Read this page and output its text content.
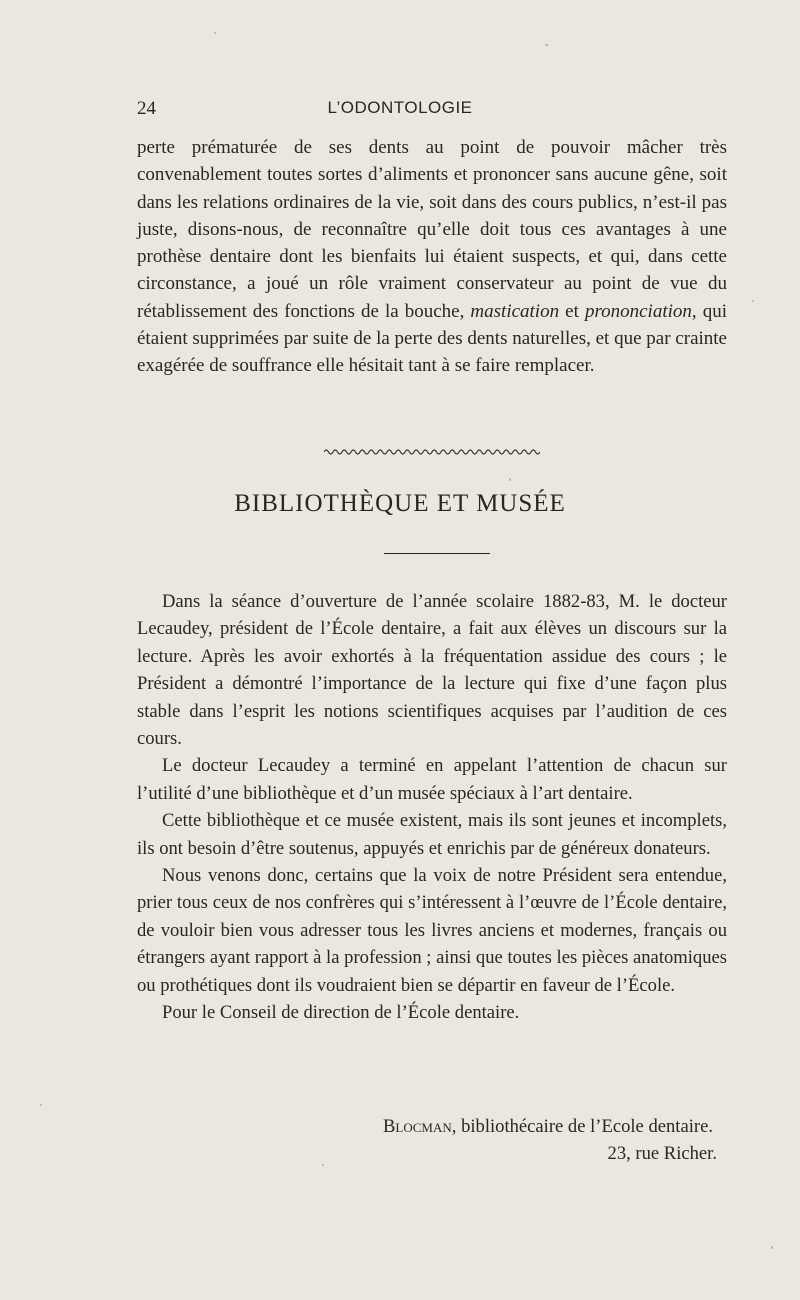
24	L’ODONTOLOGIE

perte prématurée de ses dents au point de pouvoir mâcher très convenablement toutes sortes d’aliments et prononcer sans aucune gêne, soit dans les relations ordinaires de la vie, soit dans des cours publics, n’est-il pas juste, disons-nous, de reconnaître qu’elle doit tous ces avantages à une prothèse dentaire dont les bienfaits lui étaient suspects, et qui, dans cette circonstance, a joué un rôle vraiment conservateur au point de vue du rétablissement des fonctions de la bouche, mastication et prononciation, qui étaient supprimées par suite de la perte des dents naturelles, et que par crainte exagérée de souffrance elle hésitait tant à se faire remplacer.

BIBLIOTHÈQUE ET MUSÉE

Dans la séance d’ouverture de l’année scolaire 1882-83, M. le docteur Lecaudey, président de l’École dentaire, a fait aux élèves un discours sur la lecture. Après les avoir exhortés à la fréquentation assidue des cours ; le Président a démontré l’importance de la lecture qui fixe d’une façon plus stable dans l’esprit les notions scientifiques acquises par l’audition de ces cours.

Le docteur Lecaudey a terminé en appelant l’attention de chacun sur l’utilité d’une bibliothèque et d’un musée spéciaux à l’art dentaire.

Cette bibliothèque et ce musée existent, mais ils sont jeunes et incomplets, ils ont besoin d’être soutenus, appuyés et enrichis par de généreux donateurs.

Nous venons donc, certains que la voix de notre Président sera entendue, prier tous ceux de nos confrères qui s’intéressent à l’œuvre de l’École dentaire, de vouloir bien vous adresser tous les livres anciens et modernes, français ou étrangers ayant rapport à la profession ; ainsi que toutes les pièces anatomiques ou prothétiques dont ils voudraient bien se départir en faveur de l’École.

Pour le Conseil de direction de l’École dentaire.

Blocman, bibliothécaire de l’Ecole dentaire.
23, rue Richer.
